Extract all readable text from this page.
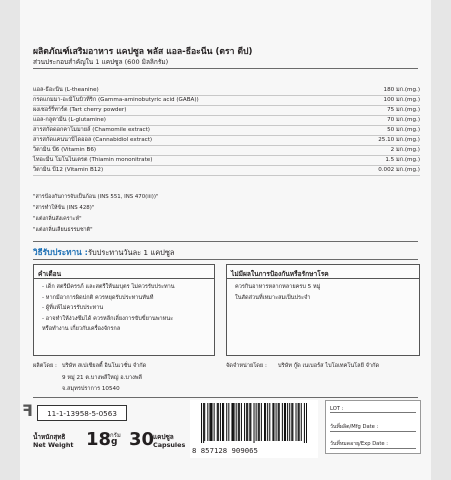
ผลิตภัณฑ์เสริมอาหาร แคปซูล พลัส แอล-ธีอะนีน (ตรา ดีป)
ส่วนประกอบสำคัญใน 1 แคปซูล (600 มิลลิกรัม)
แอล-ธีอะนีน (L-theanine)	180 มก.(mg.)
กรดแกมมา-อะมิโนบิวทีริก (Gamma-aminobutyric acid (GABA))	100 มก.(mg.)
ผงเชอร์รี่ทาร์ต (Tart cherry powder)	75 มก.(mg.)
แอล-กลูตามีน (L-glutamine)	70 มก.(mg.)
สารสกัดดอกคาโมมายล์ (Chamomile extract)	50 มก.(mg.)
สารสกัดแคนนาบิไดออล (Cannabidiol extract)	25.10 มก.(mg.)
วิตามิน บี6 (Vitamin B6)	2 มก.(mg.)
ไทอะมีน โมโนไนเตรต (Thiamin mononitrate)	1.5 มก.(mg.)
วิตามิน บี12 (Vitamin B12)	0.002 มก.(mg.)
"สารป้องกันการจับเป็นก้อน (INS 551, INS 470(iii))"
"สารทำให้ข้น (INS 428)"
"แต่งกลิ่นสังเคราะห์"
"แต่งกลิ่นเลียนธรรมชาติ"
วิธีรับประทาน : รับประทานวันละ 1 แคปซูล
คำเตือน
- เด็ก สตรีมีครรภ์ และสตรีให้นมบุตร ไม่ควรรับประทาน
- หากมีอาการผิดปกติ ควรหยุดรับประทานทันที
- ผู้ที่แพ้ไม่ควรรับประทาน
- อาจทำให้ง่วงซึมได้ ควรหลีกเลี่ยงการขับขี่ยานพาหนะ
หรือทำงาน เกี่ยวกับเครื่องจักรกล
ไม่มีผลในการป้องกันหรือรักษาโรค
ควรกินอาหารหลากหลายครบ 5 หมู่
ในสัดส่วนที่เหมาะสมเป็นประจำ
ผลิตโดย : บริษัท สเปเชียลตี้ อินโนเวชั่น จำกัด
9 หมู่ 21 ต.บางพลีใหญ่ อ.บางพลี
จ.สมุทรปราการ 10540
จัดจำหน่ายโดย : บริษัท กู๊ด เนเบอร์ส ไบโอเทคโนโลยี จำกัด
ꟻ	11-1-13958-5-0563
น้ำหนักสุทธิ
Net Weight 18
กรัม
g 30
แคปซูล
Capsules
8 857128 909065
LOT :
วันที่ผลิต/Mfg Date :
วันที่หมดอายุ/Exp Date :
